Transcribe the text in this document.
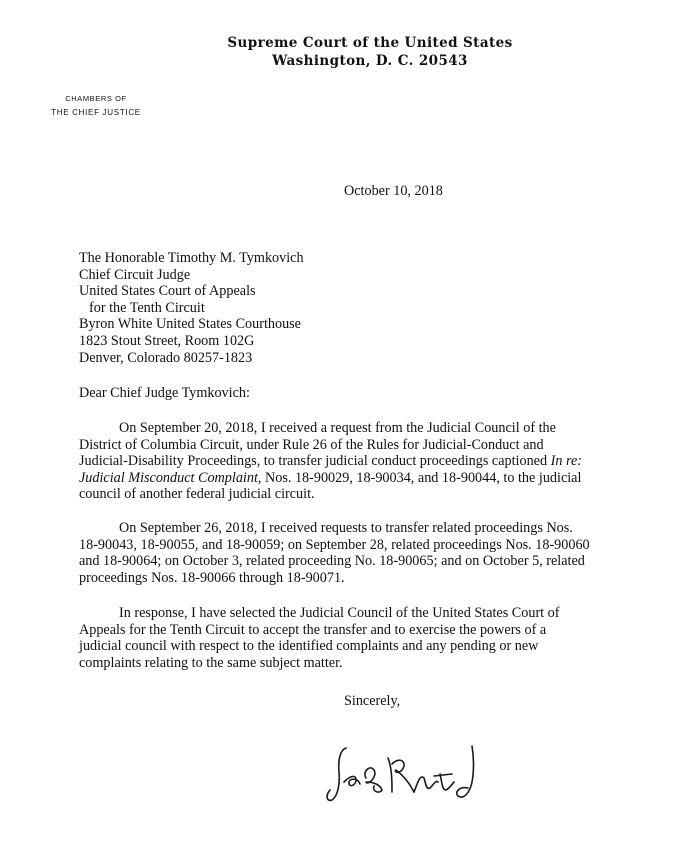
Supreme Court of the United States
Washington, D. C. 20543
CHAMBERS OF
THE CHIEF JUSTICE
October 10, 2018
The Honorable Timothy M. Tymkovich
Chief Circuit Judge
United States Court of Appeals
for the Tenth Circuit
Byron White United States Courthouse
1823 Stout Street, Room 102G
Denver, Colorado 80257-1823
Dear Chief Judge Tymkovich:
On September 20, 2018, I received a request from the Judicial Council of the
District of Columbia Circuit, under Rule 26 of the Rules for Judicial-Conduct and
Judicial-Disability Proceedings, to transfer judicial conduct proceedings captioned In re:
Judicial Misconduct Complaint, Nos. 18-90029, 18-90034, and 18-90044, to the judicial
council of another federal judicial circuit.
On September 26, 2018, I received requests to transfer related proceedings Nos.
18-90043, 18-90055, and 18-90059; on September 28, related proceedings Nos. 18-90060
and 18-90064; on October 3, related proceeding No. 18-90065; and on October 5, related
proceedings Nos. 18-90066 through 18-90071.
In response, I have selected the Judicial Council of the United States Court of
Appeals for the Tenth Circuit to accept the transfer and to exercise the powers of a
judicial council with respect to the identified complaints and any pending or new
complaints relating to the same subject matter.
Sincerely,
